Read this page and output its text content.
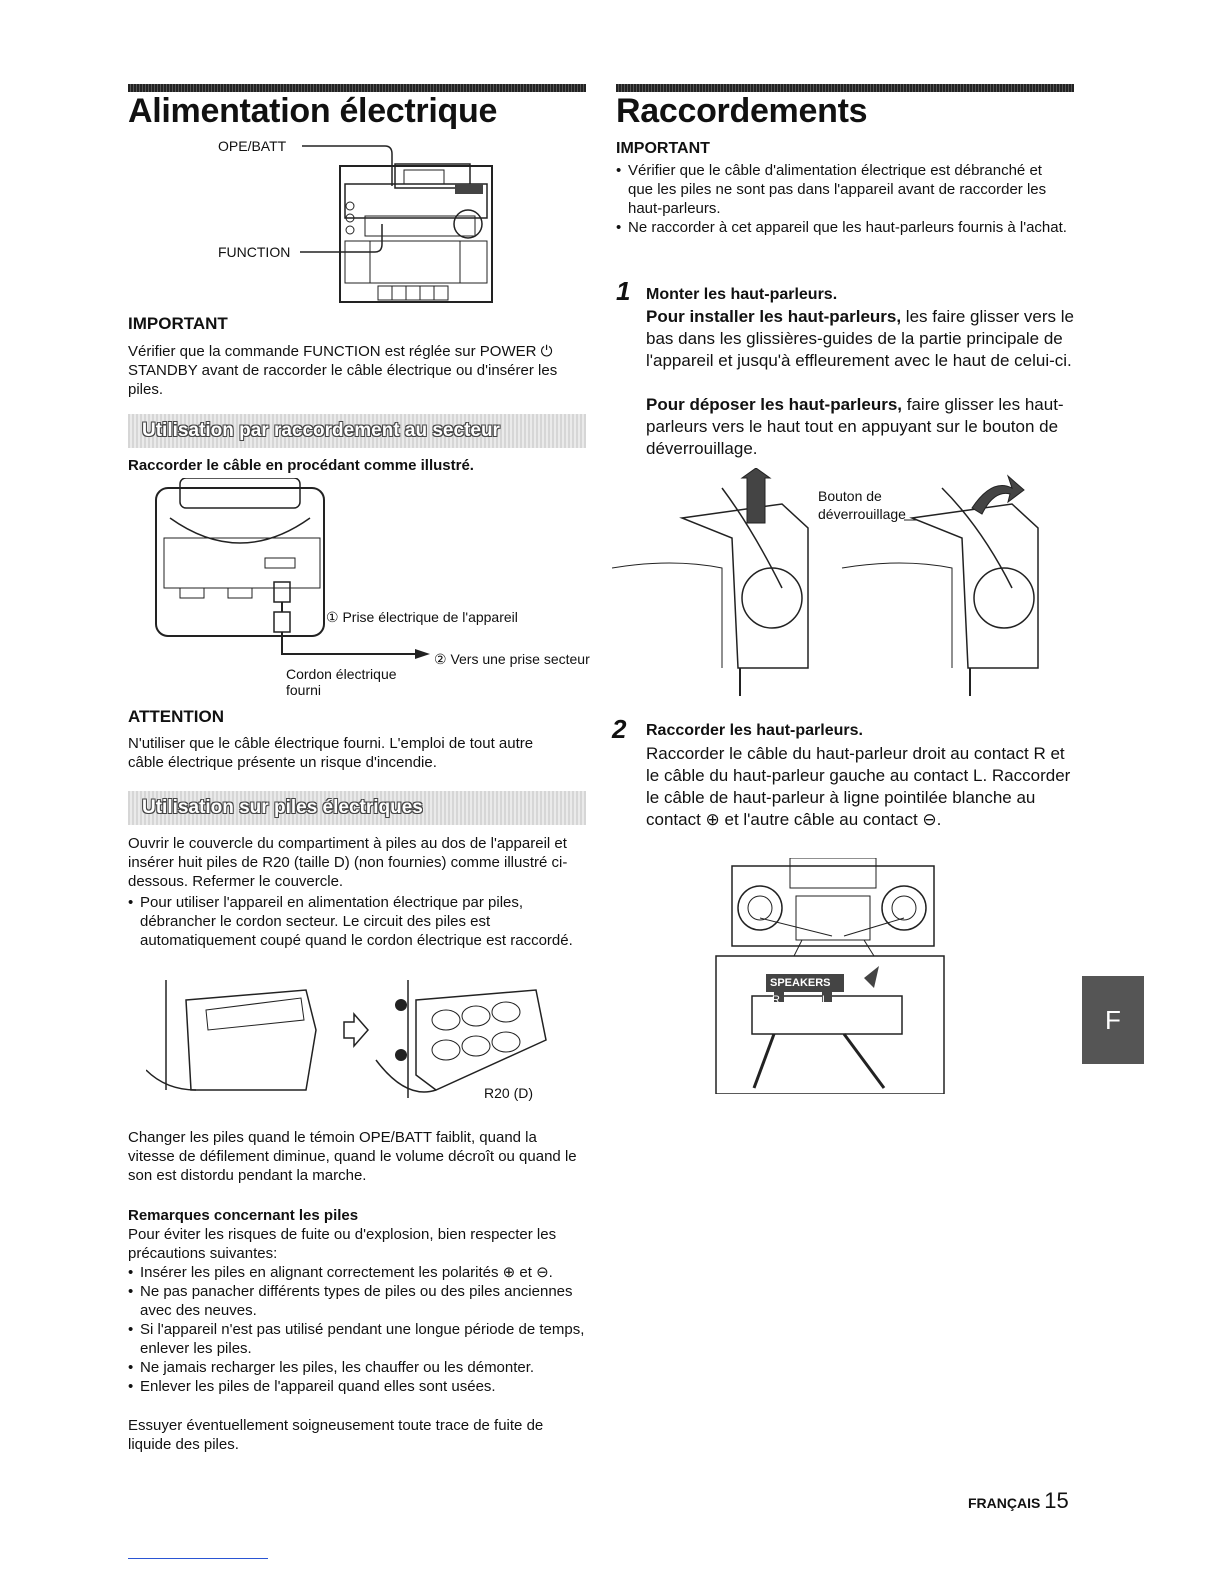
Alimentation électrique
OPE/BATT
FUNCTION
IMPORTANT

Vérifier que la commande FUNCTION est réglée sur POWER ⏻ STANDBY avant de raccorder le câble électrique ou d'insérer les piles.

Utilisation par raccordement au secteur
Raccorder le câble en procédant comme illustré.
① Prise électrique de l'appareil
② Vers une prise secteur
Cordon électrique
fourni
ATTENTION

N'utiliser que le câble électrique fourni. L'emploi de tout autre câble électrique présente un risque d'incendie.

Utilisation sur piles électriques

Ouvrir le couvercle du compartiment à piles au dos de l'appareil et insérer huit piles de R20 (taille D) (non fournies) comme illustré ci-dessous. Refermer le couvercle.

• Pour utiliser l'appareil en alimentation électrique par piles, débrancher le cordon secteur. Le circuit des piles est automatiquement coupé quand le cordon électrique est raccordé.
R20 (D)

Changer les piles quand le témoin OPE/BATT faiblit, quand la vitesse de défilement diminue, quand le volume décroît ou quand le son est distordu pendant la marche.

Remarques concernant les piles

Pour éviter les risques de fuite ou d'explosion, bien respecter les précautions suivantes:

• Insérer les piles en alignant correctement les polarités ⊕ et ⊖.
• Ne pas panacher différents types de piles ou des piles anciennes avec des neuves.
• Si l'appareil n'est pas utilisé pendant une longue période de temps, enlever les piles.
• Ne jamais recharger les piles, les chauffer ou les démonter.
• Enlever les piles de l'appareil quand elles sont usées.

Essuyer éventuellement soigneusement toute trace de fuite de liquide des piles.

Raccordements
IMPORTANT
• Vérifier que le câble d'alimentation électrique est débranché et que les piles ne sont pas dans l'appareil avant de raccorder les haut-parleurs.
• Ne raccorder à cet appareil que les haut-parleurs fournis à l'achat.
1 Monter les haut-parleurs.

Pour installer les haut-parleurs, les faire glisser vers le bas dans les glissières-guides de la partie principale de l'appareil et jusqu'à effleurement avec le haut de celui-ci.

Pour déposer les haut-parleurs, faire glisser les haut-parleurs vers le haut tout en appuyant sur le bouton de déverrouillage.

Bouton de
déverrouillage
2 Raccorder les haut-parleurs.

Raccorder le câble du haut-parleur droit au contact R et le câble du haut-parleur gauche au contact L. Raccorder le câble de haut-parleur à ligne pointilée blanche au contact ⊕ et l'autre câble au contact ⊖.

SPEAKERS
R	L
F
FRANÇAIS 15
